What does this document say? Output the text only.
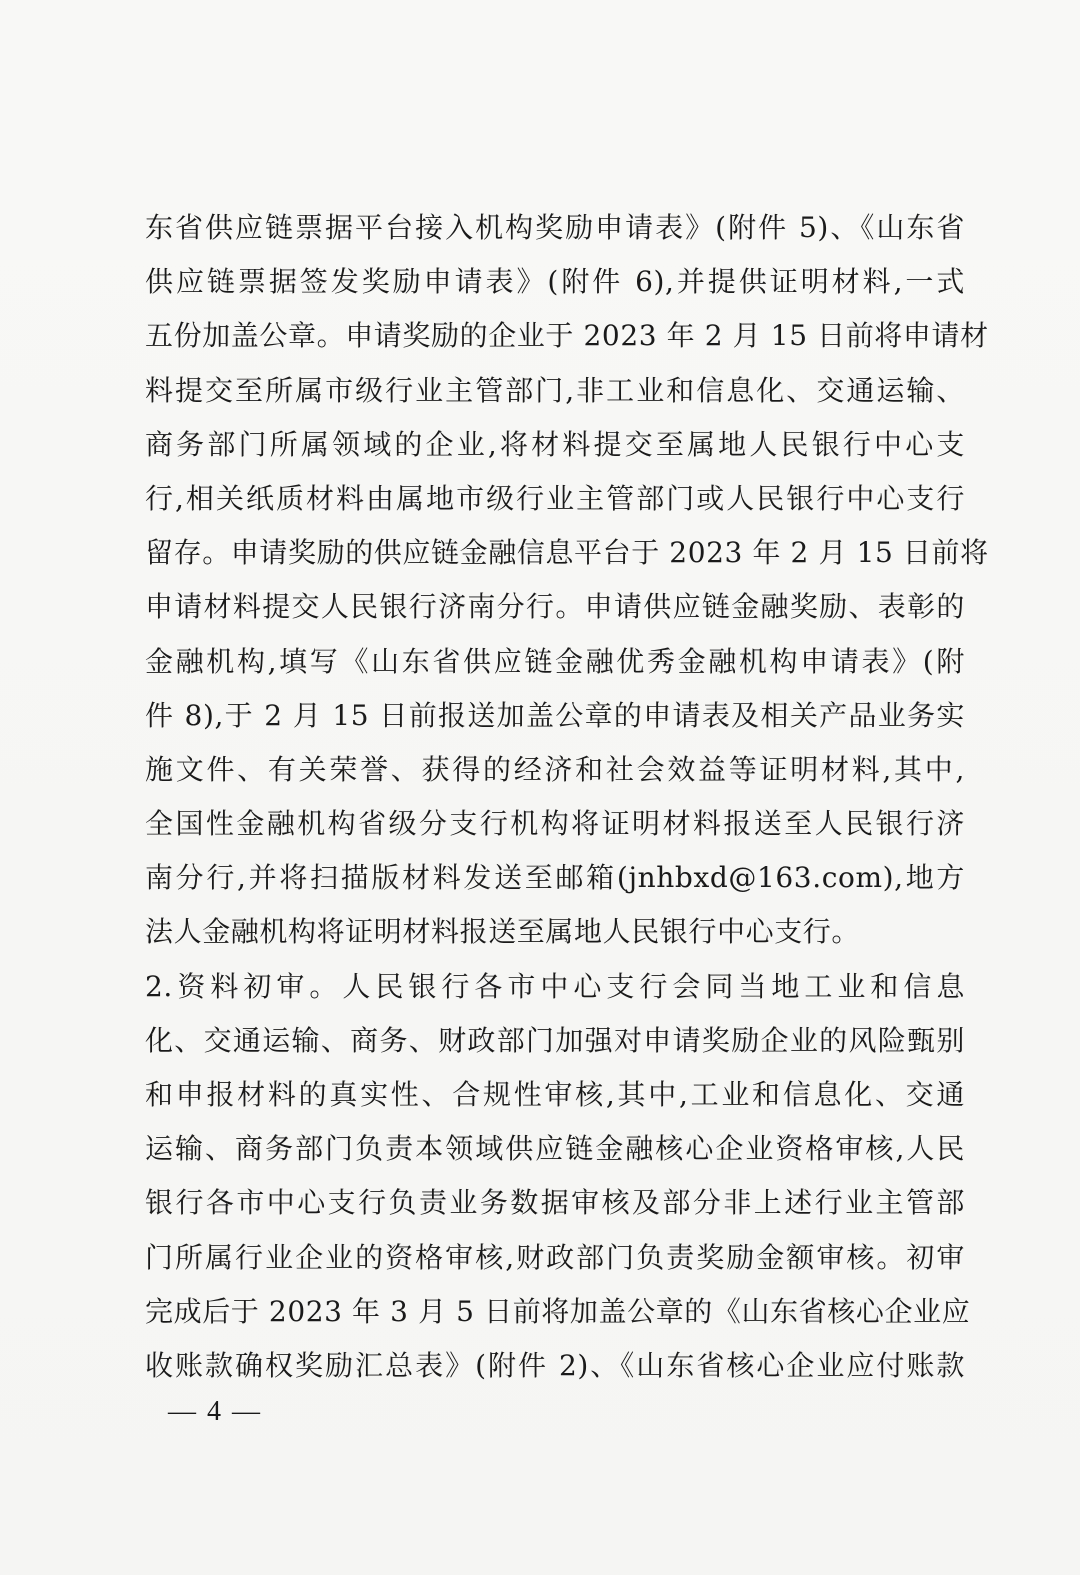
东省供应链票据平台接入机构奖励申请表》(附件 5)、《山东省
供应链票据签发奖励申请表》(附件 6),并提供证明材料,一式
五份加盖公章。申请奖励的企业于 2023 年 2 月 15 日前将申请材
料提交至所属市级行业主管部门,非工业和信息化、交通运输、
商务部门所属领域的企业,将材料提交至属地人民银行中心支
行,相关纸质材料由属地市级行业主管部门或人民银行中心支行
留存。申请奖励的供应链金融信息平台于 2023 年 2 月 15 日前将
申请材料提交人民银行济南分行。申请供应链金融奖励、表彰的
金融机构,填写《山东省供应链金融优秀金融机构申请表》(附
件 8),于 2 月 15 日前报送加盖公章的申请表及相关产品业务实
施文件、有关荣誉、获得的经济和社会效益等证明材料,其中,
全国性金融机构省级分支行机构将证明材料报送至人民银行济
南分行,并将扫描版材料发送至邮箱(jnhbxd@163.com),地方
法人金融机构将证明材料报送至属地人民银行中心支行。
2.资料初审。人民银行各市中心支行会同当地工业和信息
化、交通运输、商务、财政部门加强对申请奖励企业的风险甄别
和申报材料的真实性、合规性审核,其中,工业和信息化、交通
运输、商务部门负责本领域供应链金融核心企业资格审核,人民
银行各市中心支行负责业务数据审核及部分非上述行业主管部
门所属行业企业的资格审核,财政部门负责奖励金额审核。初审
完成后于 2023 年 3 月 5 日前将加盖公章的《山东省核心企业应
收账款确权奖励汇总表》(附件 2)、《山东省核心企业应付账款
— 4 —
